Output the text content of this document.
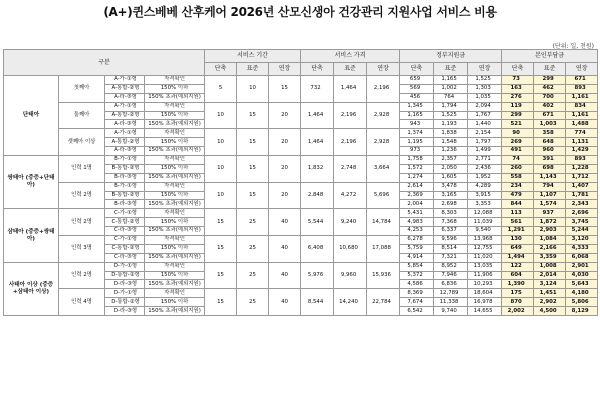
(A+)퀸스베베 산후케어 2026년 산모신생아 건강관리 지원사업 서비스 비용
(단위: 일, 천원)
구분				서비스 기간			서비스 가격			정부지원금			본인부담금		
				단축	표준	연장	단축	표준	연장	단축	표준	연장	단축	표준	연장
단태아	첫째아	A-가-①형	자격확인	5	10	15	732	1,464	2,196	659	1,165	1,525	73	299	671
		A-통합-②형	150% 이하							569	1,002	1,303	163	462	893
		A-라-③형	150% 초과(예외지원)							456	764	1,035	276	700	1,161
	둘째아	A-가-①형	자격확인	10	15	20	1,464	2,196	2,928	1,345	1,794	2,094	119	402	834
		A-통합-②형	150% 이하							1,165	1,525	1,767	299	671	1,161
		A-라-③형	150% 초과(예외지원)							943	1,193	1,440	521	1,003	1,488
	셋째아 이상	A-가-①형	자격확인	10	15	20	1,464	2,196	2,928	1,374	1,838	2,154	90	358	774
		A-통합-②형	150% 이하							1,195	1,548	1,797	269	648	1,131
		A-라-③형	150% 초과(예외지원)							973	1,236	1,499	491	960	1,429
쌍태아 (중증+단태아)	인력 1명	B-가-①형	자격확인	10	15	20	1,832	2,748	3,664	1,758	2,357	2,771	74	391	893
		B-통합-②형	150% 이하							1,572	2,050	2,436	260	698	1,228
		B-라-③형	150% 초과(예외지원)							1,274	1,605	1,952	558	1,143	1,712
	인력 2명	B-가-①형	자격확인	10	15	20	2,848	4,272	5,696	2,614	3,478	4,289	234	794	1,407
		B-통합-②형	150% 이하							2,369	3,165	3,915	479	1,107	1,781
		B-라-③형	150% 초과(예외지원)							2,004	2,698	3,353	844	1,574	2,343
삼태아 (중증+쌍태아)	인력 2명	C-가-①형	자격확인	15	25	40	5,544	9,240	14,784	5,431	8,303	12,088	113	937	2,696
		C-통합-②형	150% 이하							4,983	7,368	11,039	561	1,872	3,745
		C-라-③형	150% 초과(예외지원)							4,253	6,337	9,540	1,291	2,903	5,244
	인력 3명	C-가-①형	자격확인	15	25	40	6,408	10,680	17,088	6,278	9,596	13,968	130	1,084	3,120
		C-통합-②형	150% 이하							5,759	8,514	12,755	649	2,166	4,333
		C-라-③형	150% 초과(예외지원)							4,914	7,321	11,020	1,494	3,359	6,068
사태아 이상 (중증+삼태아 이상)	인력 2명	D-가-①형	자격확인	15	25	40	5,976	9,960	15,936	5,854	8,952	13,035	122	1,008	2,901
		D-통합-②형	150% 이하							5,372	7,946	11,906	604	2,014	4,030
		D-라-③형	150% 초과(예외지원)							4,586	6,836	10,293	1,390	3,124	5,643
	인력 4명	D-가-①형	자격확인	15	25	40	8,544	14,240	22,784	8,369	12,789	18,604	175	1,451	4,180
		D-통합-②형	150% 이하							7,674	11,338	16,978	870	2,902	5,806
		D-라-③형	150% 초과(예외지원)							6,542	9,740	14,655	2,002	4,500	8,129
